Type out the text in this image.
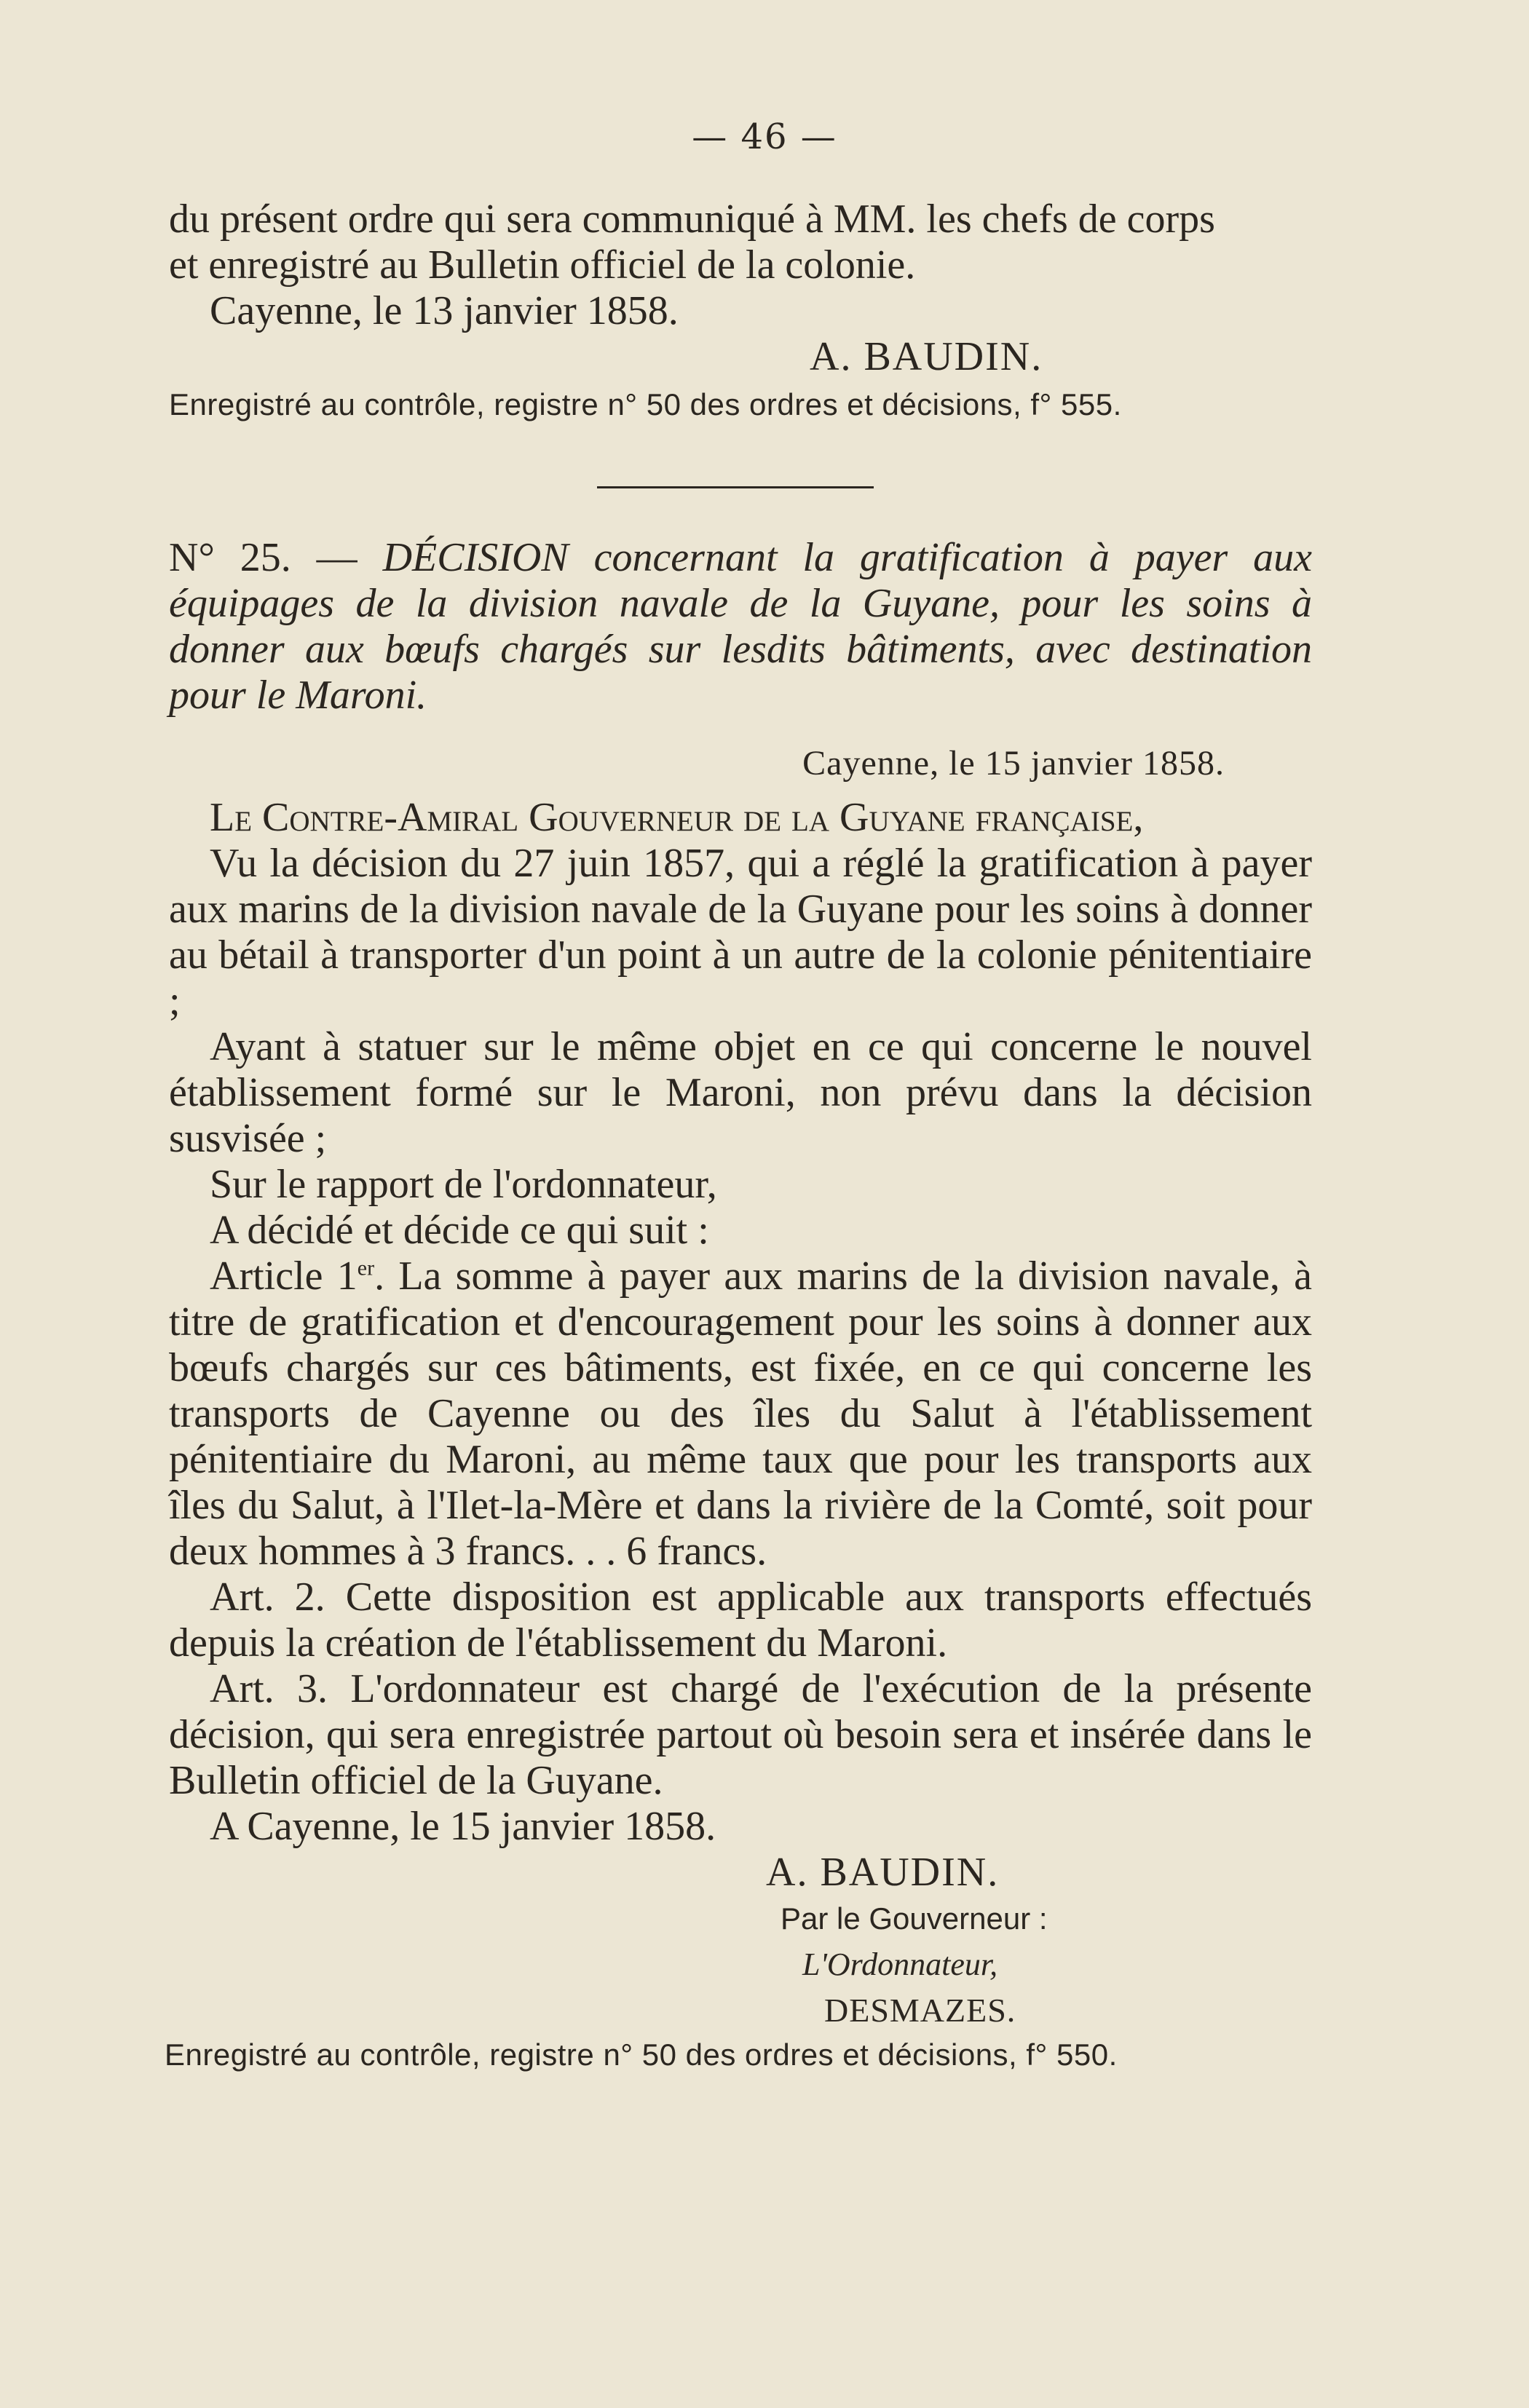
— 46 —

du présent ordre qui sera communiqué à MM. les chefs de corps

et enregistré au Bulletin officiel de la colonie.

Cayenne, le 13 janvier 1858.

A. BAUDIN.

Enregistré au contrôle, registre n° 50 des ordres et décisions, f° 555.

N° 25. — DÉCISION concernant la gratification à payer aux équipages de la division navale de la Guyane, pour les soins à donner aux bœufs chargés sur lesdits bâtiments, avec destination pour le Maroni.

Cayenne, le 15 janvier 1858.

Le Contre-Amiral Gouverneur de la Guyane française,

Vu la décision du 27 juin 1857, qui a réglé la gratification à payer aux marins de la division navale de la Guyane pour les soins à donner au bétail à transporter d'un point à un autre de la colonie pénitentiaire ;

Ayant à statuer sur le même objet en ce qui concerne le nouvel établissement formé sur le Maroni, non prévu dans la décision susvisée ;

Sur le rapport de l'ordonnateur,

A décidé et décide ce qui suit :

Article 1er. La somme à payer aux marins de la division navale, à titre de gratification et d'encouragement pour les soins à donner aux bœufs chargés sur ces bâtiments, est fixée, en ce qui concerne les transports de Cayenne ou des îles du Salut à l'établissement pénitentiaire du Maroni, au même taux que pour les transports aux îles du Salut, à l'Ilet-la-Mère et dans la rivière de la Comté, soit pour deux hommes à 3 francs. . . 6 francs.

Art. 2. Cette disposition est applicable aux transports effectués depuis la création de l'établissement du Maroni.

Art. 3. L'ordonnateur est chargé de l'exécution de la présente décision, qui sera enregistrée partout où besoin sera et insérée dans le Bulletin officiel de la Guyane.

A Cayenne, le 15 janvier 1858.

A. BAUDIN.

Par le Gouverneur :

L'Ordonnateur,

DESMAZES.

Enregistré au contrôle, registre n° 50 des ordres et décisions, f° 550.
